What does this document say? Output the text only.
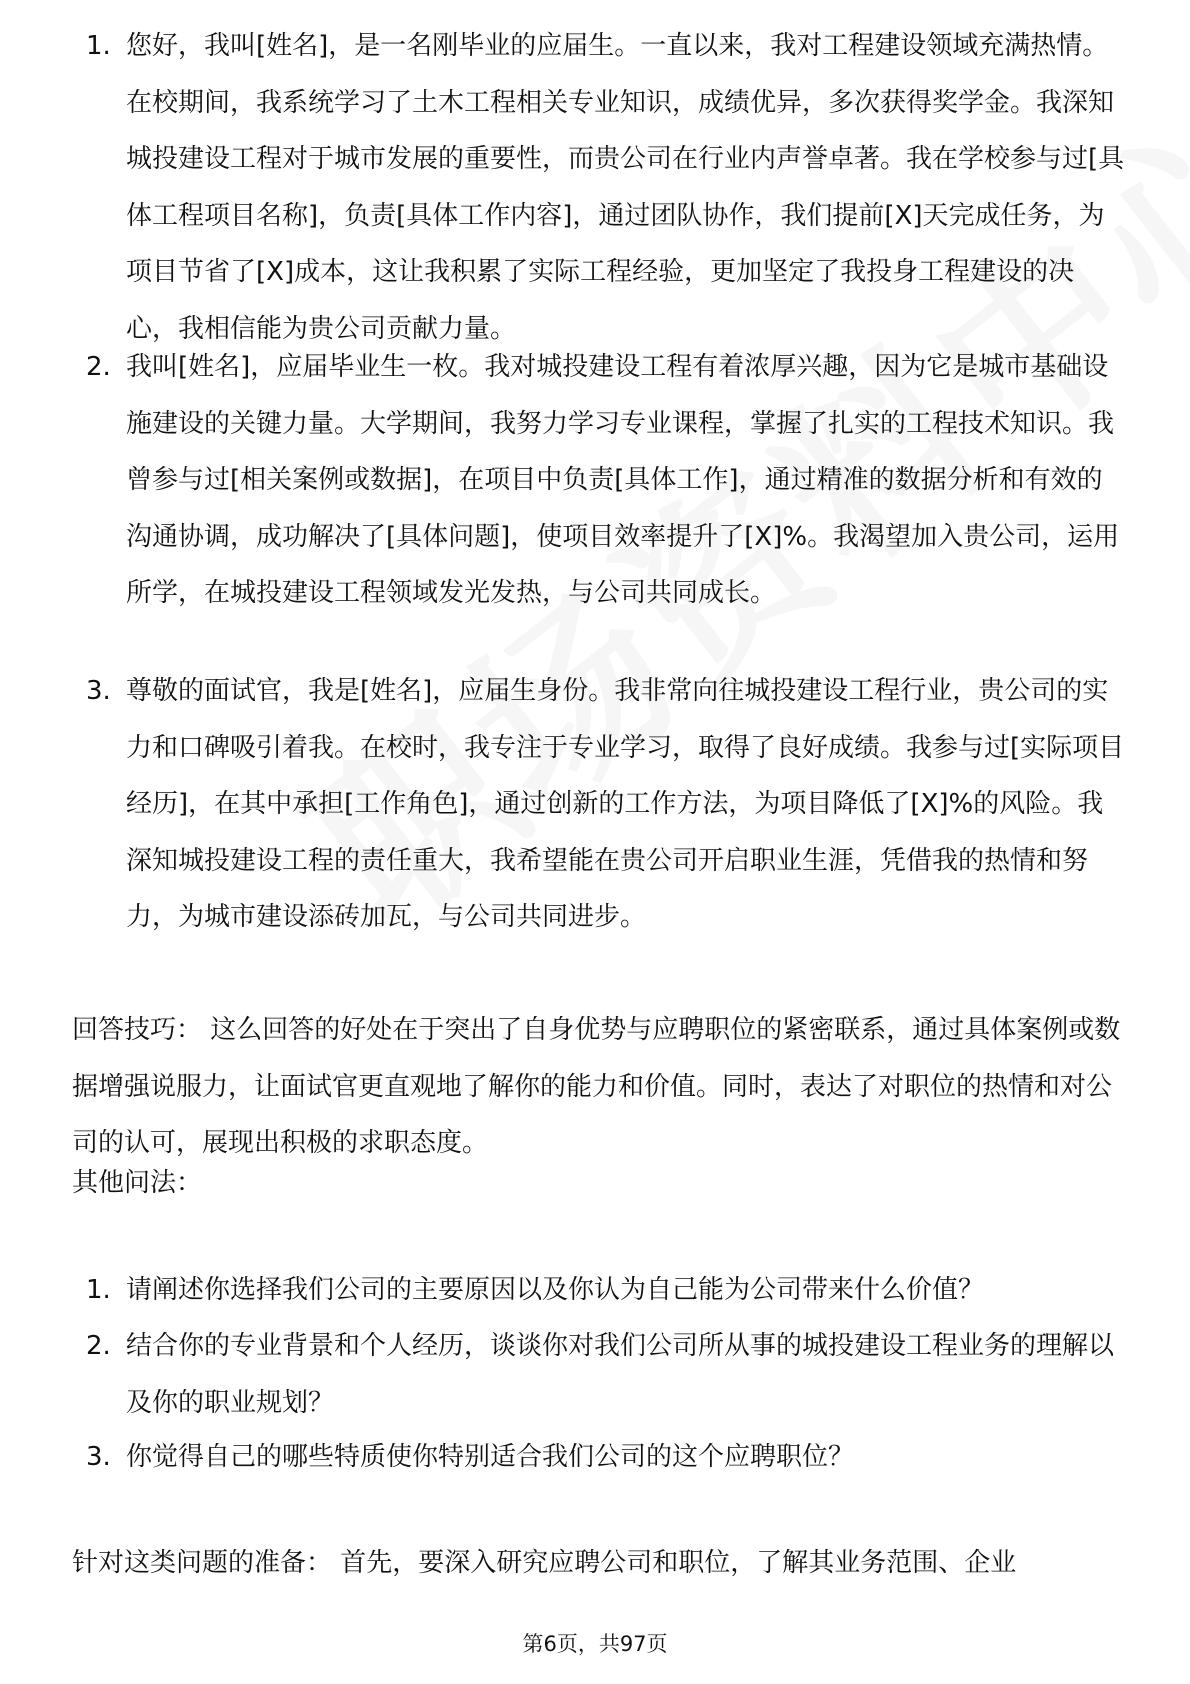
1. 您好，我叫[姓名]，是一名刚毕业的应届生。一直以来，我对工程建设领域充满热情。在校期间，我系统学习了土木工程相关专业知识，成绩优异，多次获得奖学金。我深知城投建设工程对于城市发展的重要性，而贵公司在行业内声誉卓著。我在学校参与过[具体工程项目名称]，负责[具体工作内容]，通过团队协作，我们提前[X]天完成任务，为项目节省了[X]成本，这让我积累了实际工程经验，更加坚定了我投身工程建设的决心，我相信能为贵公司贡献力量。
2. 我叫[姓名]，应届毕业生一枚。我对城投建设工程有着浓厚兴趣，因为它是城市基础设施建设的关键力量。大学期间，我努力学习专业课程，掌握了扎实的工程技术知识。我曾参与过[相关案例或数据]，在项目中负责[具体工作]，通过精准的数据分析和有效的沟通协调，成功解决了[具体问题]，使项目效率提升了[X]%。我渴望加入贵公司，运用所学，在城投建设工程领域发光发热，与公司共同成长。
3. 尊敬的面试官，我是[姓名]，应届生身份。我非常向往城投建设工程行业，贵公司的实力和口碑吸引着我。在校时，我专注于专业学习，取得了良好成绩。我参与过[实际项目经历]，在其中承担[工作角色]，通过创新的工作方法，为项目降低了[X]%的风险。我深知城投建设工程的责任重大，我希望能在贵公司开启职业生涯，凭借我的热情和努力，为城市建设添砖加瓦，与公司共同进步。
回答技巧： 这么回答的好处在于突出了自身优势与应聘职位的紧密联系，通过具体案例或数据增强说服力，让面试官更直观地了解你的能力和价值。同时，表达了对职位的热情和对公司的认可，展现出积极的求职态度。
其他问法：
1. 请阐述你选择我们公司的主要原因以及你认为自己能为公司带来什么价值？
2. 结合你的专业背景和个人经历，谈谈你对我们公司所从事的城投建设工程业务的理解以及你的职业规划？
3. 你觉得自己的哪些特质使你特别适合我们公司的这个应聘职位？
针对这类问题的准备： 首先，要深入研究应聘公司和职位，了解其业务范围、企业
第6页，共97页
